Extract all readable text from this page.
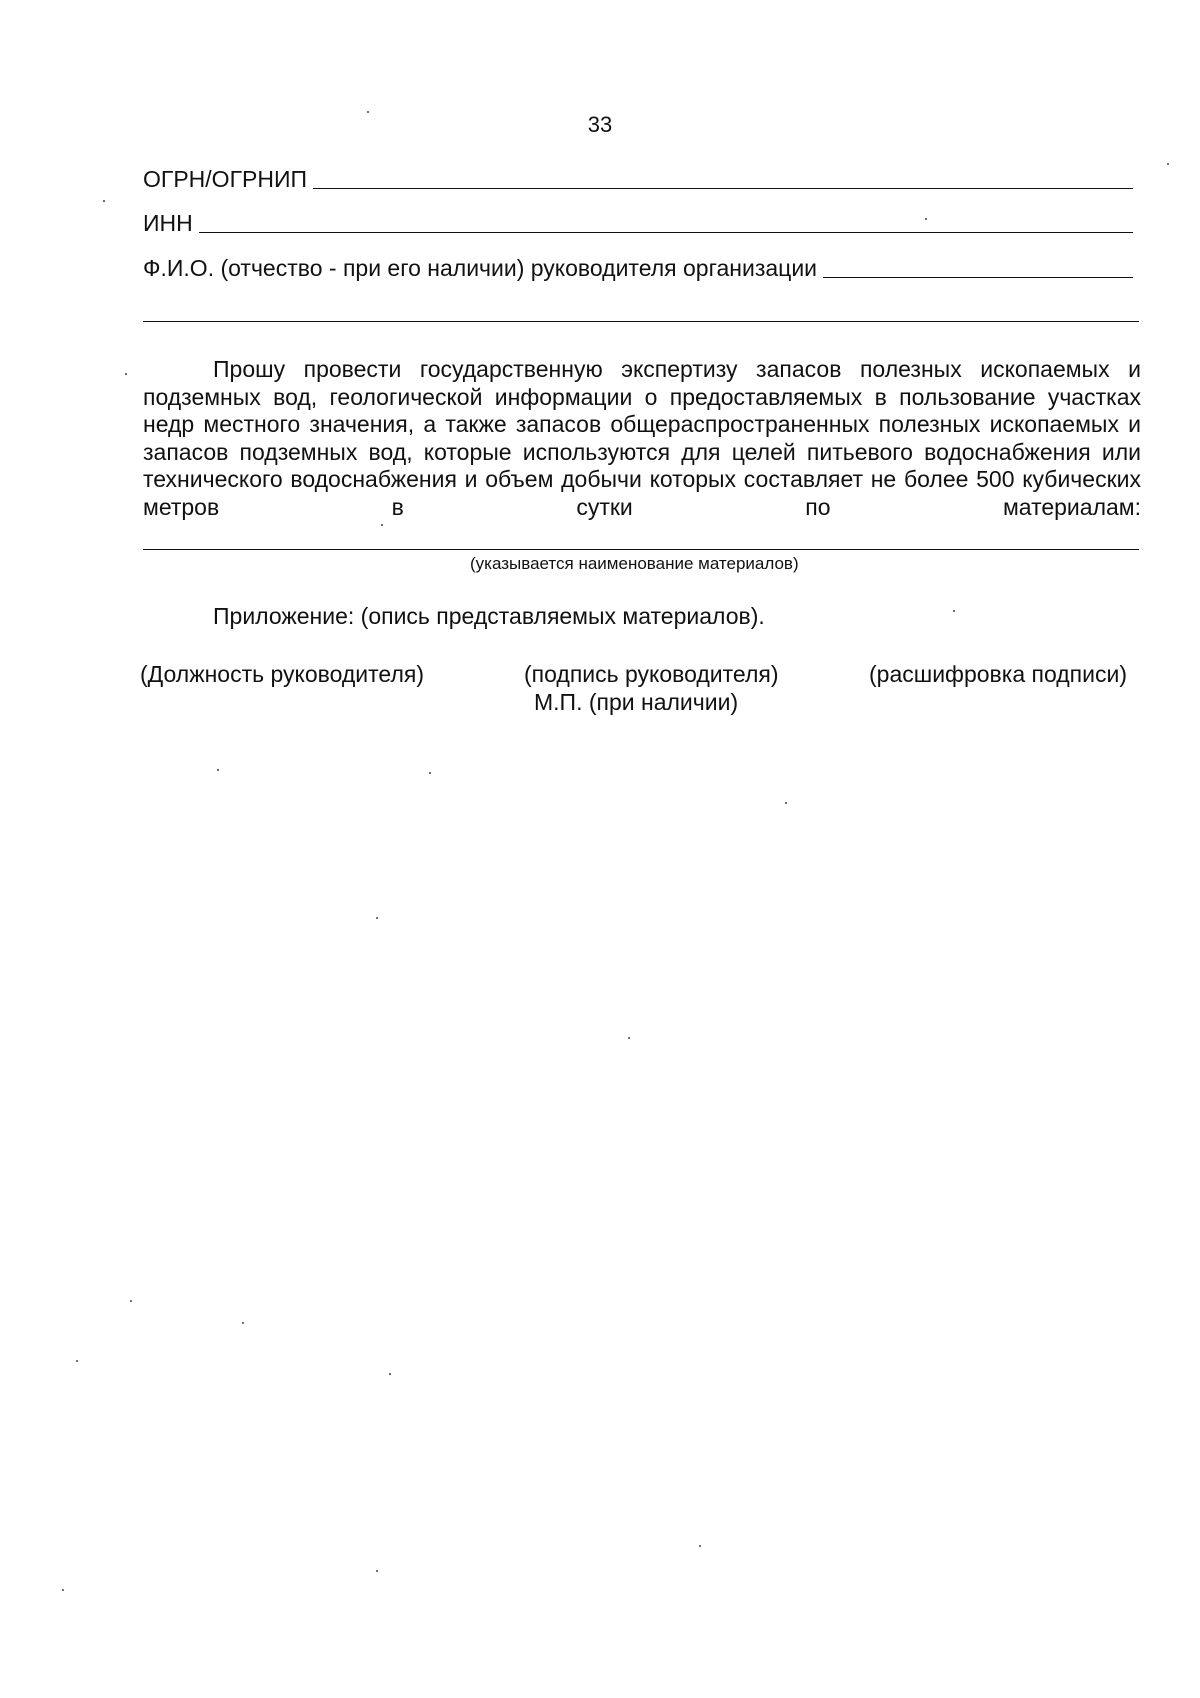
33
ОГРН/ОГРНИП
ИНН
Ф.И.О. (отчество - при его наличии) руководителя организации
Прошу провести государственную экспертизу запасов полезных ископаемых и подземных вод, геологической информации о предоставляемых в пользование участках недр местного значения, а также запасов общераспространенных полезных ископаемых и запасов подземных вод, которые используются для целей питьевого водоснабжения или технического водоснабжения и объем добычи которых составляет не более 500 кубических метров в сутки по материалам:
(указывается наименование материалов)
Приложение: (опись представляемых материалов).
(Должность руководителя)	(подпись руководителя)	(расшифровка подписи)
М.П. (при наличии)
